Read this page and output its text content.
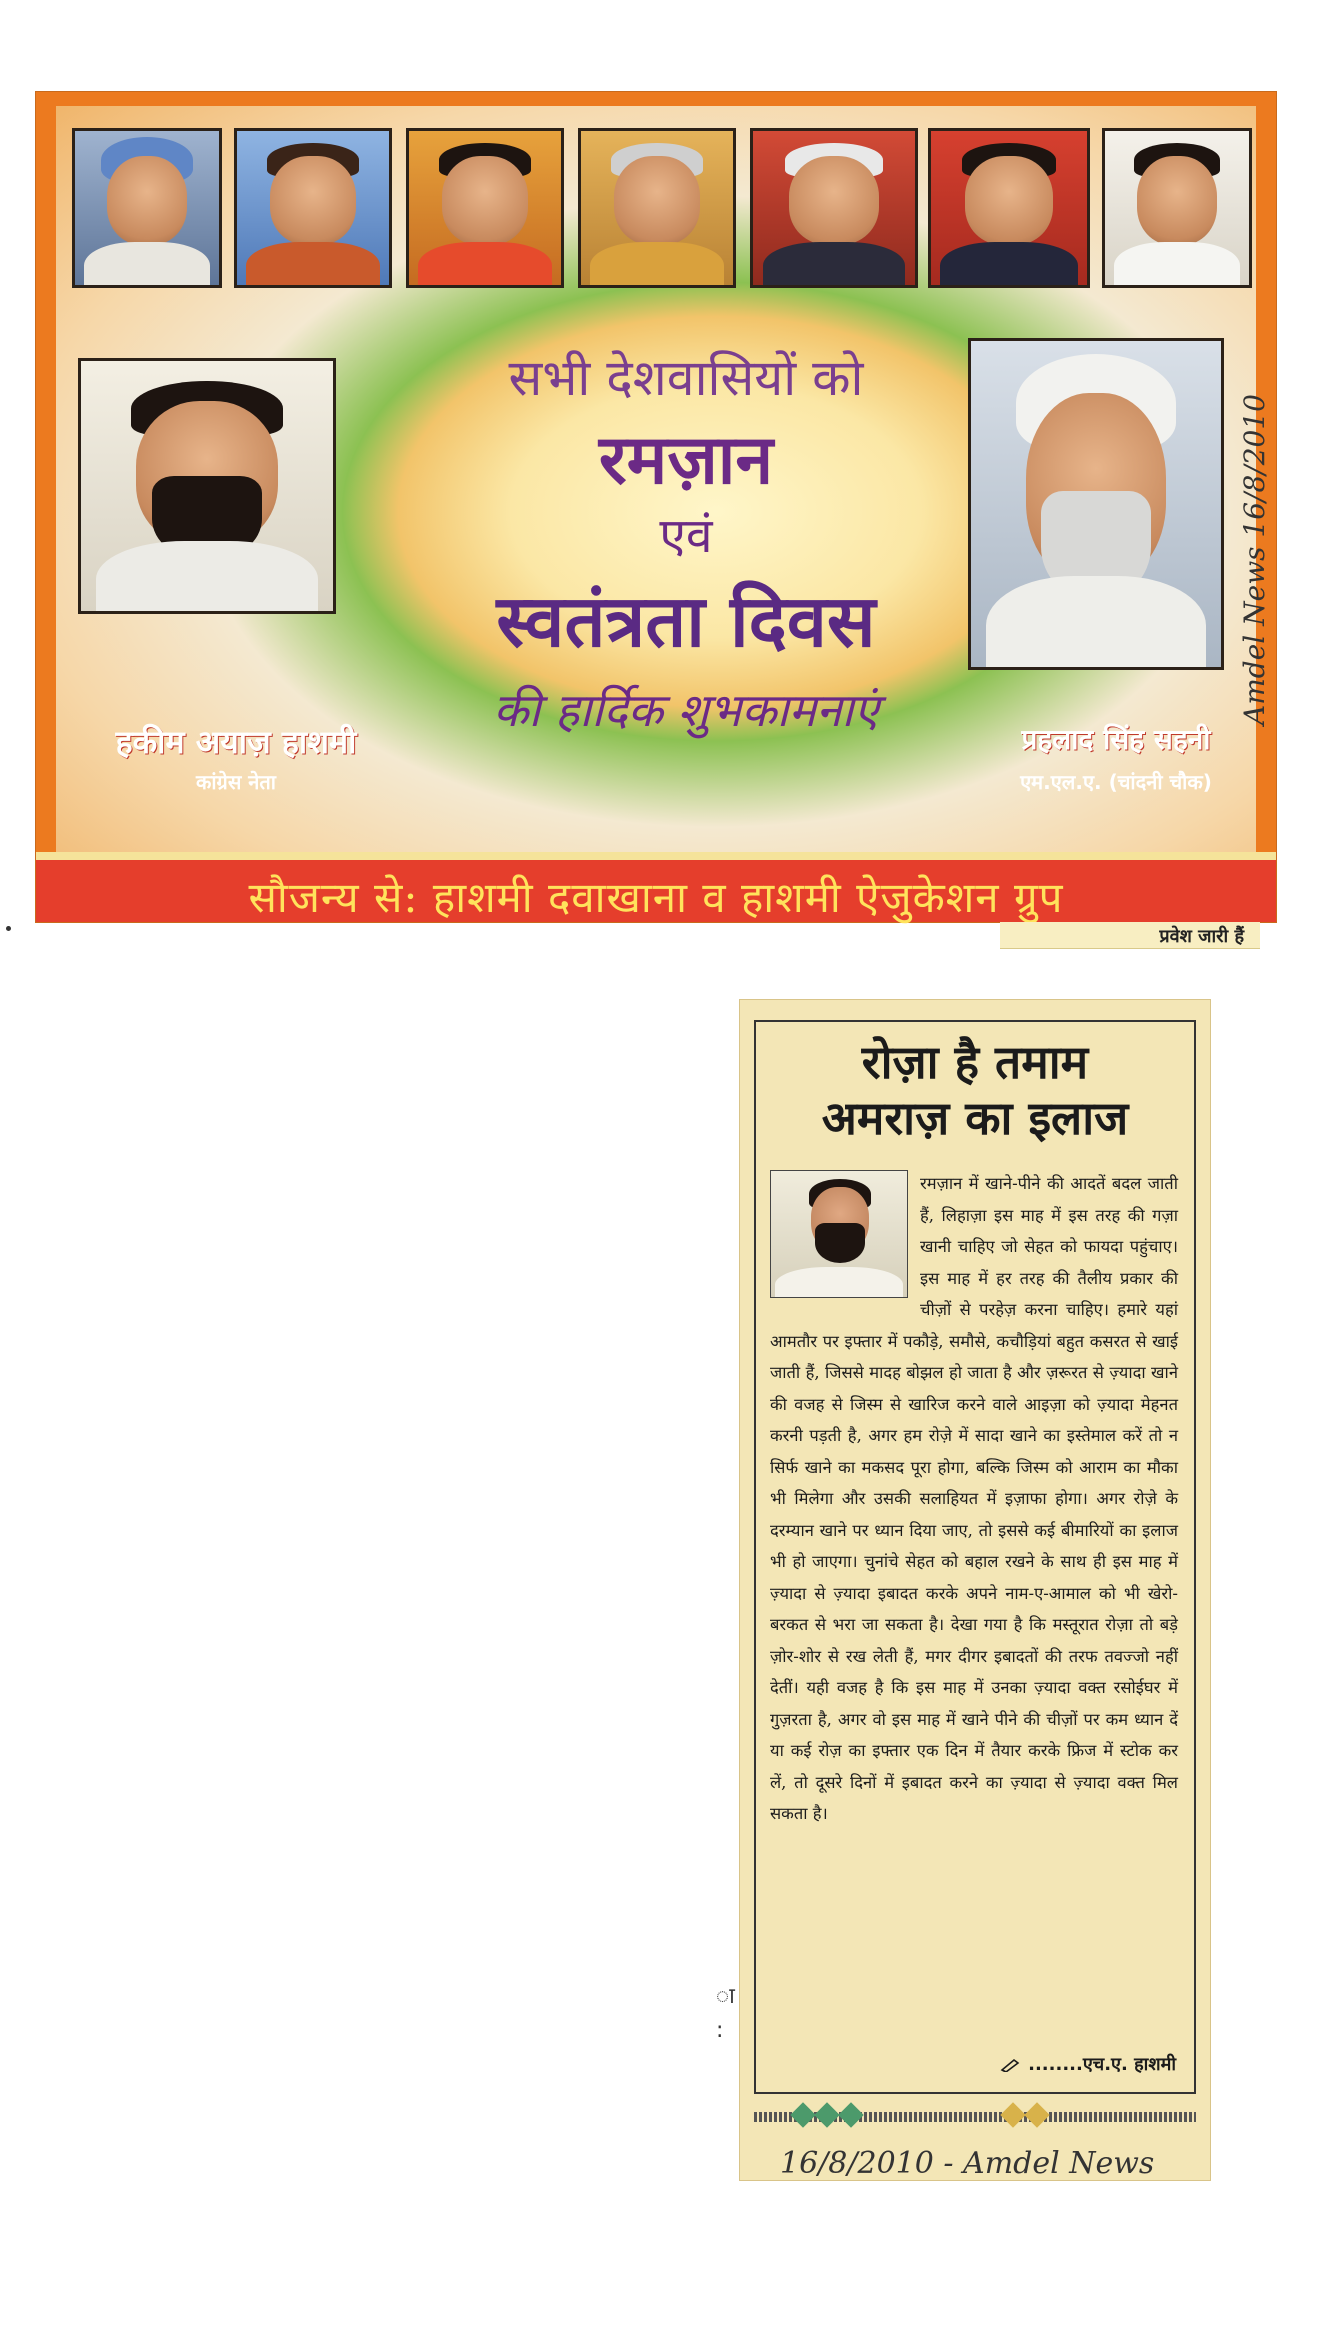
सभी देशवासियों को
रमज़ान
एवं
स्वतंत्रता दिवस
की हार्दिक शुभकामनाएं
हकीम अयाज़ हाशमी
कांग्रेस नेता
प्रहलाद सिंह सहनी
एम.एल.ए. (चांदनी चौक)
सौजन्य से: हाशमी दवाखाना व हाशमी ऐजुकेशन ग्रुप
प्रवेश जारी हैं
Amdel News 16/8/2010
रोज़ा है तमाम
अमराज़ का इलाज
रमज़ान में खाने-पीने की आदतें बदल जाती हैं, लिहाज़ा इस माह में इस तरह की गज़ा खानी चाहिए जो सेहत को फायदा पहुंचाए। इस माह में हर तरह की तैलीय प्रकार की चीज़ों से परहेज़ करना चाहिए। हमारे यहां आमतौर पर इफ्तार में पकौड़े, समौसे, कचौड़ियां बहुत कसरत से खाई जाती हैं, जिससे मादह बोझल हो जाता है और ज़रूरत से ज़्यादा खाने की वजह से जिस्म से खारिज करने वाले आइज़ा को ज़्यादा मेहनत करनी पड़ती है, अगर हम रोज़े में सादा खाने का इस्तेमाल करें तो न सिर्फ खाने का मकसद पूरा होगा, बल्कि जिस्म को आराम का मौका भी मिलेगा और उसकी सलाहियत में इज़ाफा होगा। अगर रोज़े के दरम्यान खाने पर ध्यान दिया जाए, तो इससे कई बीमारियों का इलाज भी हो जाएगा। चुनांचे सेहत को बहाल रखने के साथ ही इस माह में ज़्यादा से ज़्यादा इबादत करके अपने नाम-ए-आमाल को भी खेरो-बरकत से भरा जा सकता है। देखा गया है कि मस्तूरात रोज़ा तो बड़े ज़ोर-शोर से रख लेती हैं, मगर दीगर इबादतों की तरफ तवज्जो नहीं देतीं। यही वजह है कि इस माह में उनका ज़्यादा वक्त रसोईघर में गुज़रता है, अगर वो इस माह में खाने पीने की चीज़ों पर कम ध्यान दें या कई रोज़ का इफ्तार एक दिन में तैयार करके फ्रिज में स्टोक कर लें, तो दूसरे दिनों में इबादत करने का ज़्यादा से ज़्यादा वक्त मिल सकता है।
........एच.ए. हाशमी
ा
:
16/8/2010 - Amdel News
